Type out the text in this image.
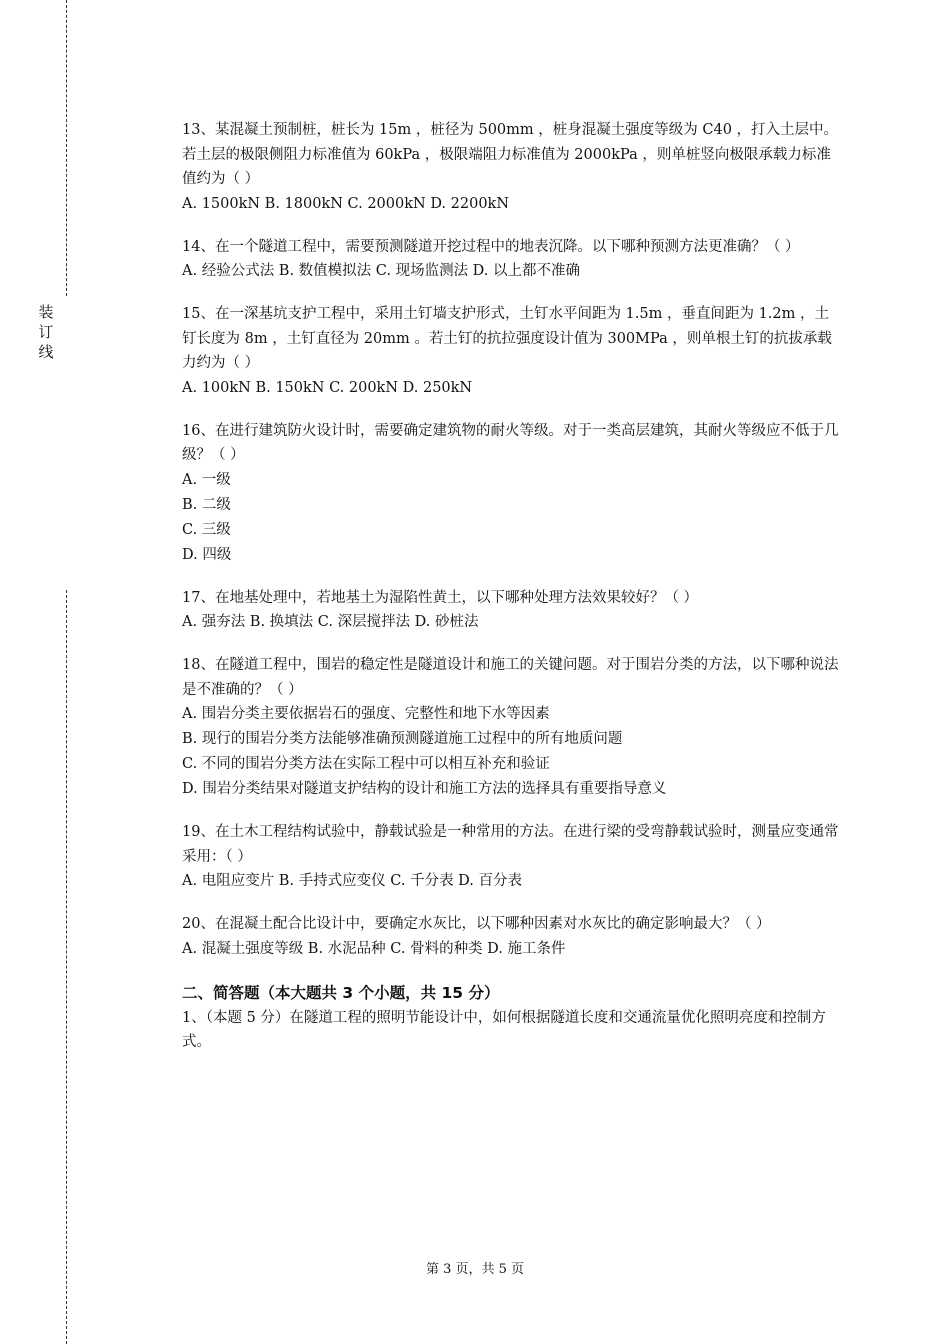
装
订
线
13、某混凝土预制桩，桩长为 15m ，桩径为 500mm ，桩身混凝土强度等级为 C40 ，打入土层中。若土层的极限侧阻力标准值为 60kPa ，极限端阻力标准值为 2000kPa ，则单桩竖向极限承载力标准值约为（ ）
A. 1500kN B. 1800kN C. 2000kN D. 2200kN
14、在一个隧道工程中，需要预测隧道开挖过程中的地表沉降。以下哪种预测方法更准确？（ ）
A. 经验公式法 B. 数值模拟法 C. 现场监测法 D. 以上都不准确
15、在一深基坑支护工程中，采用土钉墙支护形式，土钉水平间距为 1.5m ，垂直间距为 1.2m ，土钉长度为 8m ，土钉直径为 20mm 。若土钉的抗拉强度设计值为 300MPa ，则单根土钉的抗拔承载力约为（ ）
A. 100kN B. 150kN C. 200kN D. 250kN
16、在进行建筑防火设计时，需要确定建筑物的耐火等级。对于一类高层建筑，其耐火等级应不低于几级？（ ）
A. 一级
B. 二级
C. 三级
D. 四级
17、在地基处理中，若地基土为湿陷性黄土，以下哪种处理方法效果较好？（ ）
A. 强夯法 B. 换填法 C. 深层搅拌法 D. 砂桩法
18、在隧道工程中，围岩的稳定性是隧道设计和施工的关键问题。对于围岩分类的方法，以下哪种说法是不准确的？（ ）
A. 围岩分类主要依据岩石的强度、完整性和地下水等因素
B. 现行的围岩分类方法能够准确预测隧道施工过程中的所有地质问题
C. 不同的围岩分类方法在实际工程中可以相互补充和验证
D. 围岩分类结果对隧道支护结构的设计和施工方法的选择具有重要指导意义
19、在土木工程结构试验中，静载试验是一种常用的方法。在进行梁的受弯静载试验时，测量应变通常采用：（ ）
A. 电阻应变片 B. 手持式应变仪 C. 千分表 D. 百分表
20、在混凝土配合比设计中，要确定水灰比，以下哪种因素对水灰比的确定影响最大？（ ）
A. 混凝土强度等级 B. 水泥品种 C. 骨料的种类 D. 施工条件
二、简答题（本大题共 3 个小题，共 15 分）
1、（本题 5 分）在隧道工程的照明节能设计中，如何根据隧道长度和交通流量优化照明亮度和控制方式。
第 3 页，共 5 页
